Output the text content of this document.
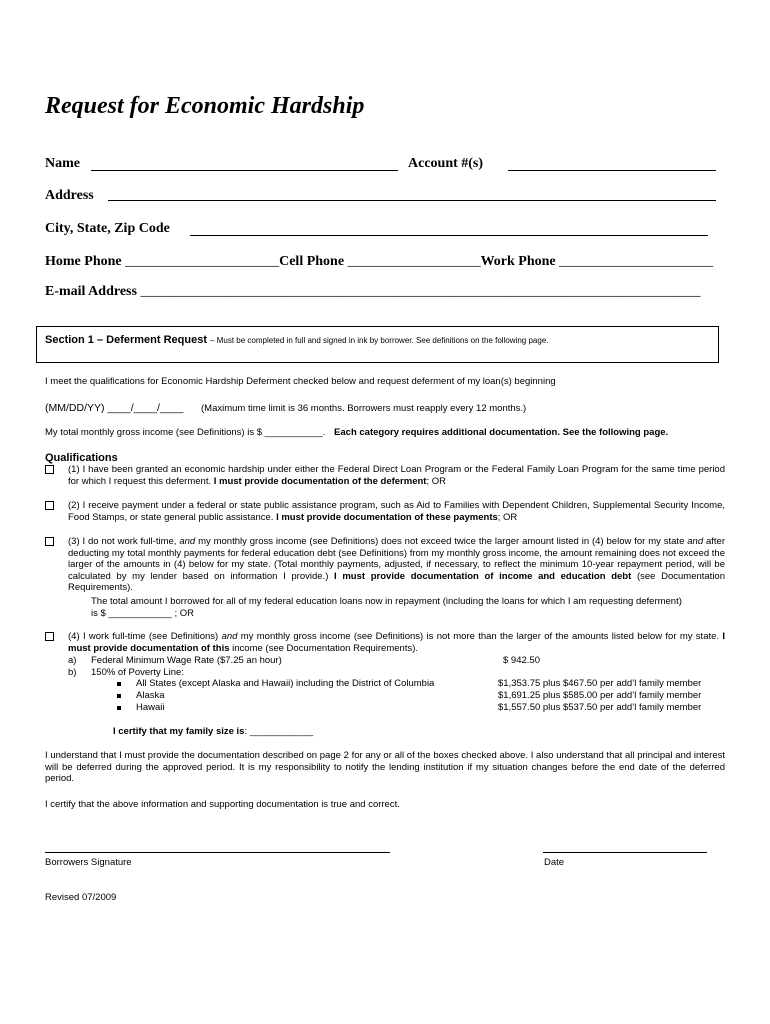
Request for Economic Hardship
Name	Account #(s)
Address
City, State, Zip Code
Home Phone ______________________Cell Phone ___________________Work Phone ______________________
E-mail Address ________________________________________________________________________________
Section 1 – Deferment Request – Must be completed in full and signed in ink by borrower. See definitions on the following page.
I meet the qualifications for Economic Hardship Deferment checked below and request deferment of my loan(s) beginning
(MM/DD/YY) ____/____/____ (Maximum time limit is 36 months. Borrowers must reapply every 12 months.)
My total monthly gross income (see Definitions) is $ ___________. Each category requires additional documentation. See the following page.
Qualifications
(1) I have been granted an economic hardship under either the Federal Direct Loan Program or the Federal Family Loan Program for the same time period for which I request this deferment. I must provide documentation of the deferment; OR
(2) I receive payment under a federal or state public assistance program, such as Aid to Families with Dependent Children, Supplemental Security Income, Food Stamps, or state general public assistance. I must provide documentation of these payments; OR
(3) I do not work full-time, and my monthly gross income (see Definitions) does not exceed twice the larger amount listed in (4) below for my state and after deducting my total monthly payments for federal education debt (see Definitions) from my monthly gross income, the amount remaining does not exceed the larger of the amounts in (4) below for my state. (Total monthly payments, adjusted, if necessary, to reflect the minimum 10-year repayment period, will be calculated by my lender based on information I provide.) I must provide documentation of income and education debt (see Documentation Requirements).
The total amount I borrowed for all of my federal education loans now in repayment (including the loans for which I am requesting deferment)
is $ ____________ ; OR
(4) I work full-time (see Definitions) and my monthly gross income (see Definitions) is not more than the larger of the amounts listed below for my state. I must provide documentation of this income (see Documentation Requirements).
a) Federal Minimum Wage Rate ($7.25 an hour)	$ 942.50
b) 150% of Poverty Line:
All States (except Alaska and Hawaii) including the District of Columbia	$1,353.75 plus $467.50 per add’l family member
Alaska	$1,691.25 plus $585.00 per add’l family member
Hawaii	$1,557.50 plus $537.50 per add’l family member
I certify that my family size is: ____________
I understand that I must provide the documentation described on page 2 for any or all of the boxes checked above. I also understand that all principal and interest will be deferred during the approved period. It is my responsibility to notify the lending institution if my situation changes before the end date of the deferred period.
I certify that the above information and supporting documentation is true and correct.
Borrowers Signature	Date
Revised 07/2009
